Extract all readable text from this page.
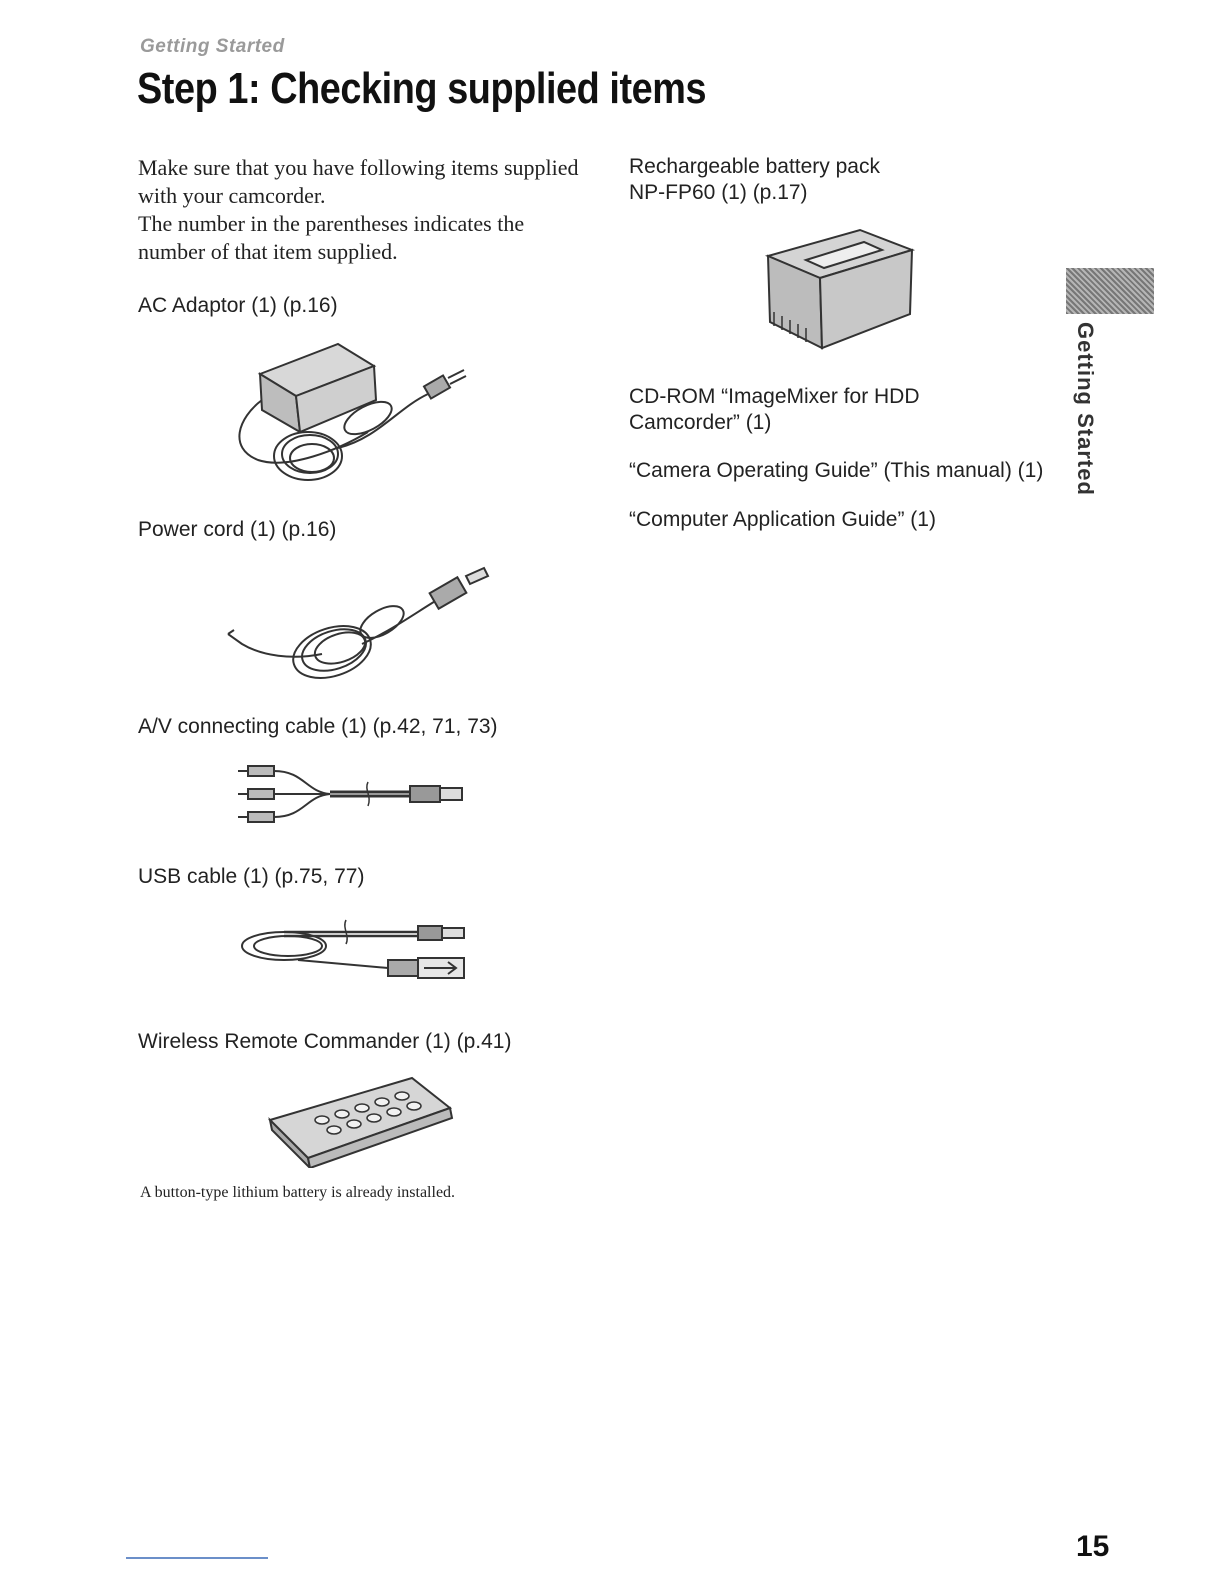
Getting Started
Step 1: Checking supplied items

Make sure that you have following items supplied with your camcorder.

The number in the parentheses indicates the number of that item supplied.

AC Adaptor (1) (p.16)
Power cord (1) (p.16)
A/V connecting cable (1) (p.42, 71, 73)
USB cable (1) (p.75, 77)
Wireless Remote Commander (1) (p.41)
A button-type lithium battery is already installed.
Rechargeable battery pack
NP-FP60 (1) (p.17)
CD-ROM “ImageMixer for HDD
Camcorder” (1)
“Camera Operating Guide” (This manual) (1)
“Computer Application Guide” (1)
Getting Started
15
